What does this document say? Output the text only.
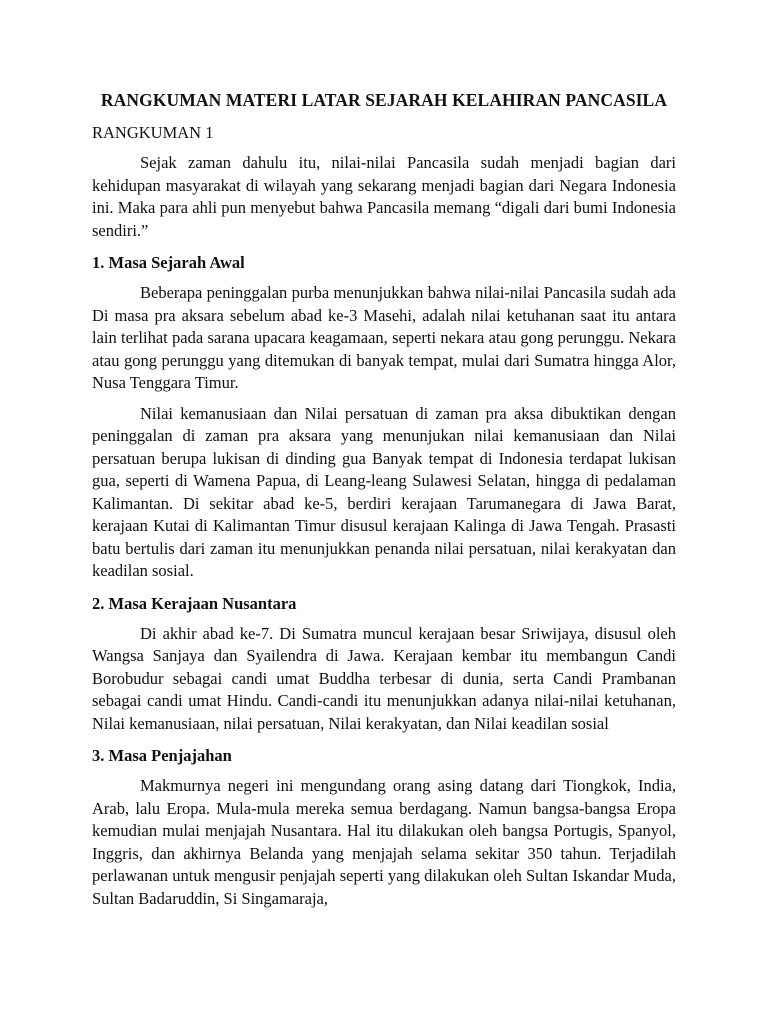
RANGKUMAN MATERI LATAR SEJARAH KELAHIRAN PANCASILA

RANGKUMAN 1

Sejak zaman dahulu itu, nilai-nilai Pancasila sudah menjadi bagian dari kehidupan masyarakat di wilayah yang sekarang menjadi bagian dari Negara Indonesia ini. Maka para ahli pun menyebut bahwa Pancasila memang “digali dari bumi Indonesia sendiri.”

1. Masa Sejarah Awal

Beberapa peninggalan purba menunjukkan bahwa nilai-nilai Pancasila sudah ada Di masa pra aksara sebelum abad ke-3 Masehi, adalah nilai ketuhanan saat itu antara lain terlihat pada sarana upacara keagamaan, seperti nekara atau gong perunggu. Nekara atau gong perunggu yang ditemukan di banyak tempat, mulai dari Sumatra hingga Alor, Nusa Tenggara Timur.

Nilai kemanusiaan dan Nilai persatuan di zaman pra aksa dibuktikan dengan peninggalan di zaman pra aksara yang menunjukan nilai kemanusiaan dan Nilai persatuan berupa lukisan di dinding gua Banyak tempat di Indonesia terdapat lukisan gua, seperti di Wamena Papua, di Leang-leang Sulawesi Selatan, hingga di pedalaman Kalimantan. Di sekitar abad ke-5, berdiri kerajaan Tarumanegara di Jawa Barat, kerajaan Kutai di Kalimantan Timur disusul kerajaan Kalinga di Jawa Tengah. Prasasti batu bertulis dari zaman itu menunjukkan penanda nilai persatuan, nilai kerakyatan dan keadilan sosial.

2. Masa Kerajaan Nusantara

Di akhir abad ke-7. Di Sumatra muncul kerajaan besar Sriwijaya, disusul oleh Wangsa Sanjaya dan Syailendra di Jawa. Kerajaan kembar itu membangun Candi Borobudur sebagai candi umat Buddha terbesar di dunia, serta Candi Prambanan sebagai candi umat Hindu. Candi-candi itu menunjukkan adanya nilai-nilai ketuhanan, Nilai kemanusiaan, nilai persatuan, Nilai kerakyatan, dan Nilai keadilan sosial

3. Masa Penjajahan

Makmurnya negeri ini mengundang orang asing datang dari Tiongkok, India, Arab, lalu Eropa. Mula-mula mereka semua berdagang. Namun bangsa-bangsa Eropa kemudian mulai menjajah Nusantara. Hal itu dilakukan oleh bangsa Portugis, Spanyol, Inggris, dan akhirnya Belanda yang menjajah selama sekitar 350 tahun. Terjadilah perlawanan untuk mengusir penjajah seperti yang dilakukan oleh Sultan Iskandar Muda, Sultan Badaruddin, Si Singamaraja,
